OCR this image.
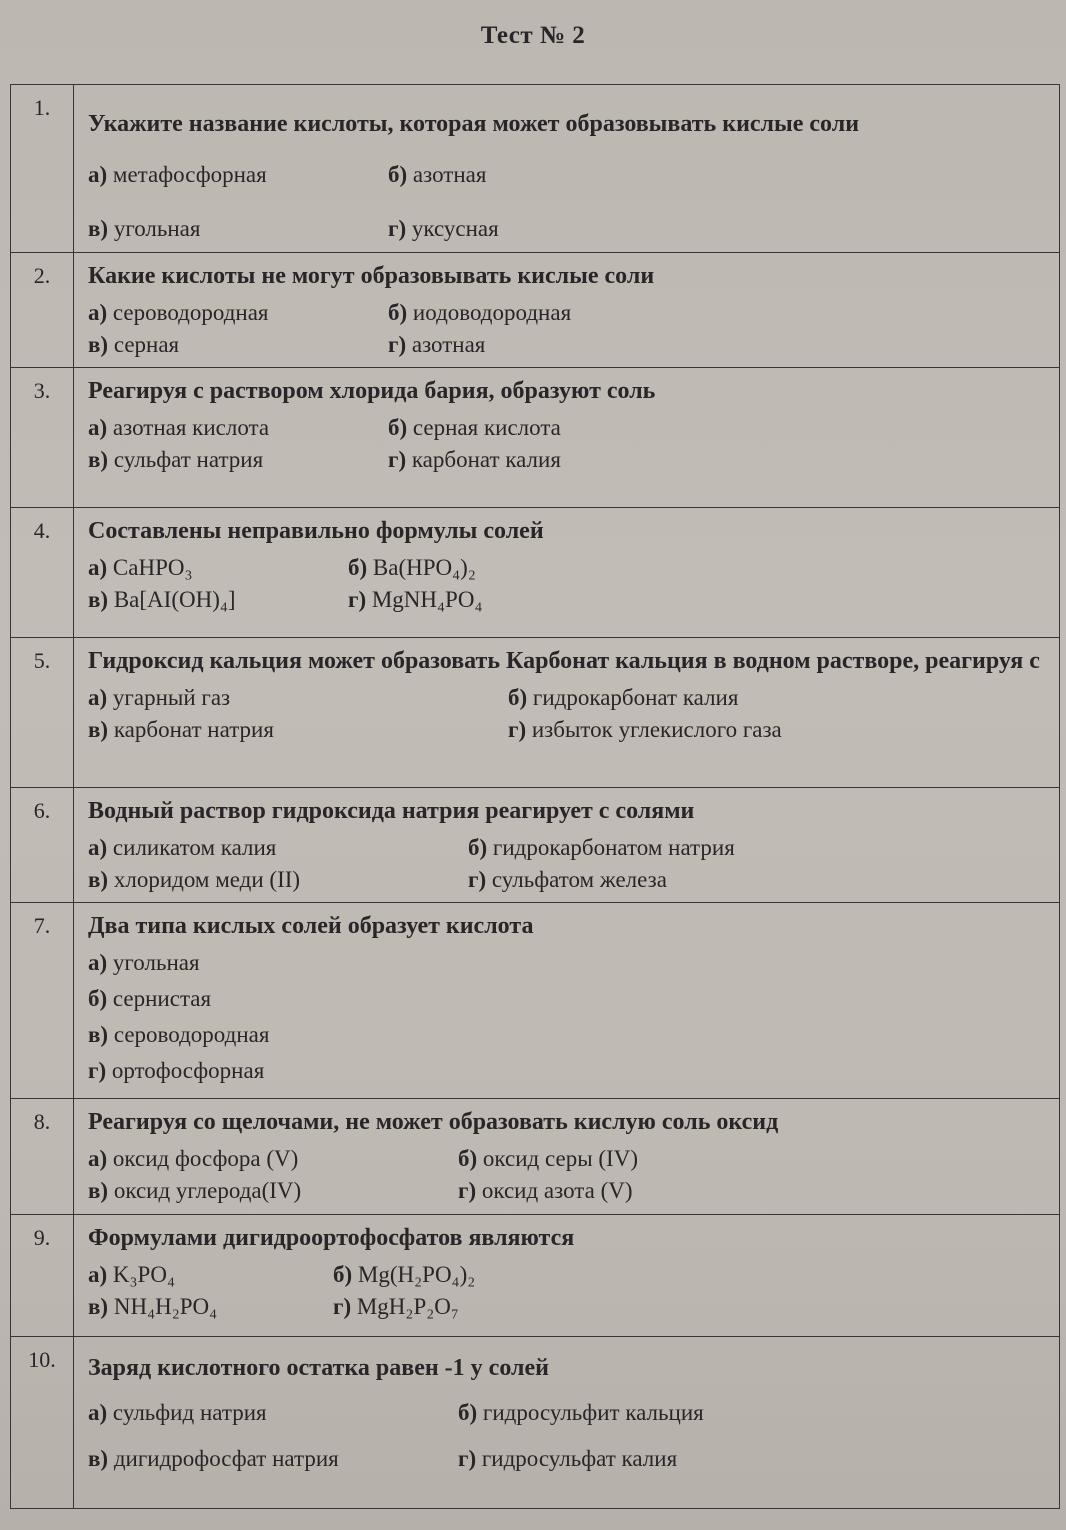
Тест № 2
1.	Укажите название кислоты, которая может образовывать кислые соли
а) метафосфорная б) азотная
в) угольная г) уксусная

2.	Какие кислоты не могут образовывать кислые соли
а) сероводородная б) иодоводородная
в) серная г) азотная

3.	Реагируя с раствором хлорида бария, образуют соль
а) азотная кислота б) серная кислота
в) сульфат натрия г) карбонат калия

4.	Составлены неправильно формулы солей
а) CaHPO₃ б) Ba(HPO₄)₂
в) Ba[AI(OH)₄] г) MgNH₄PO₄

5.	Гидроксид кальция может образовать Карбонат кальция в водном растворе, реагируя с
а) угарный газ б) гидрокарбонат калия
в) карбонат натрия г) избыток углекислого газа

6.	Водный раствор гидроксида натрия реагирует с солями
а) силикатом калия б) гидрокарбонатом натрия
в) хлоридом меди (II) г) сульфатом железа

7.	Два типа кислых солей образует кислота
а) угольная
б) сернистая
в) сероводородная
г) ортофосфорная

8.	Реагируя со щелочами, не может образовать кислую соль оксид
а) оксид фосфора (V) б) оксид серы (IV)
в) оксид углерода(IV) г) оксид азота (V)

9.	Формулами дигидроортофосфатов являются
а) K₃PO₄ б) Mg(H₂PO₄)₂
в) NH₄H₂PO₄ г) MgH₂P₂O₇

10.	Заряд кислотного остатка равен -1 у солей
а) сульфид натрия б) гидросульфит кальция
в) дигидрофосфат натрия г) гидросульфат калия
